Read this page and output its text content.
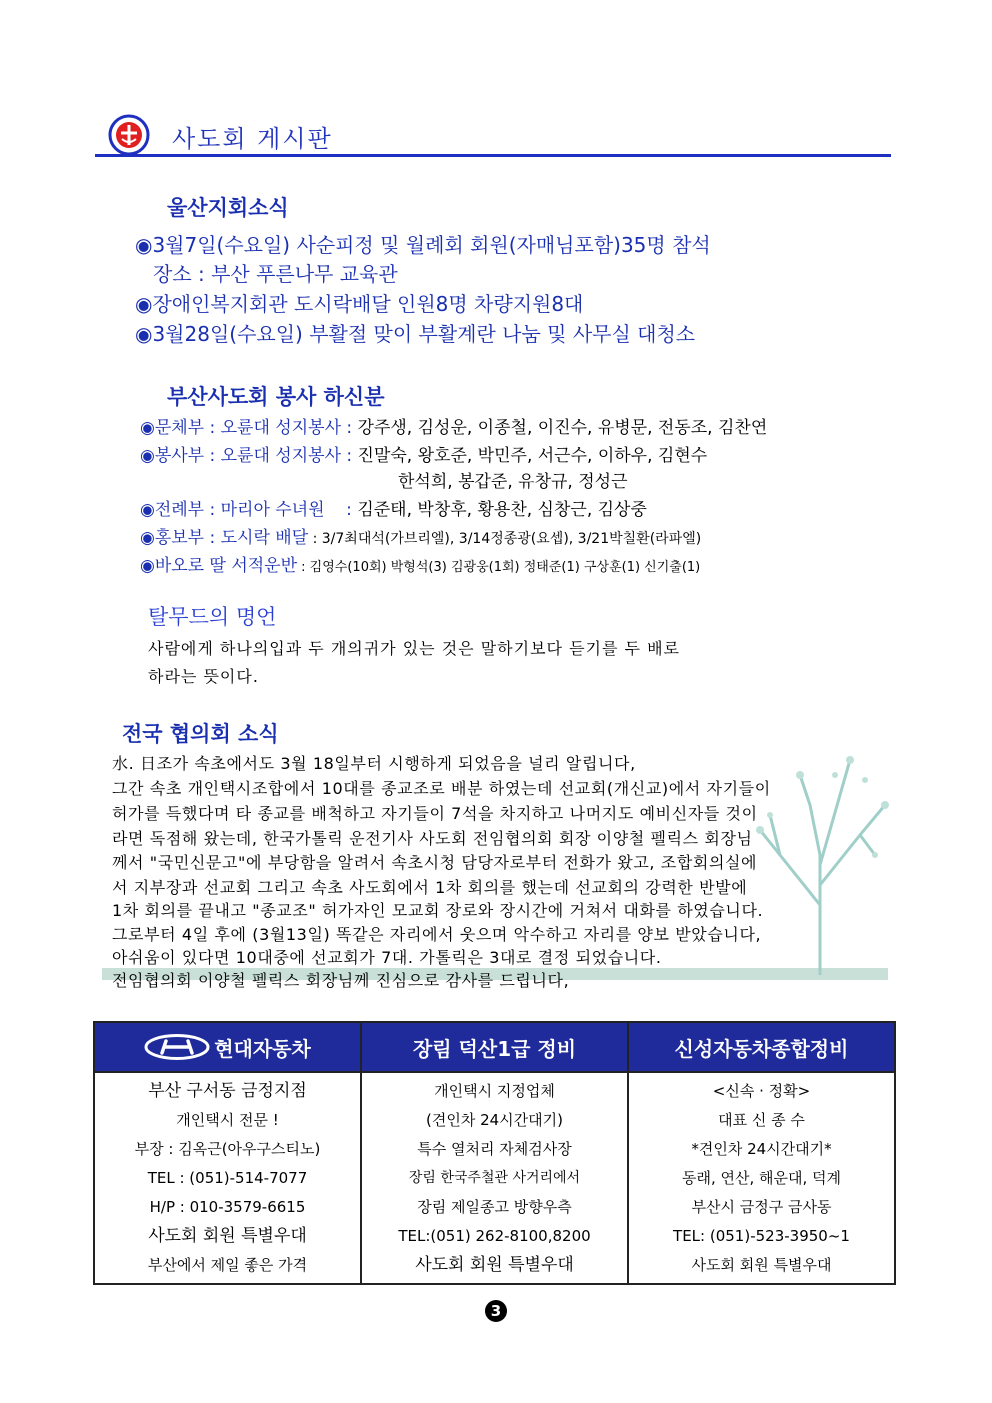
사도회 게시판
울산지회소식
◉3월7일(수요일) 사순피정 및 월례회 회원(자매님포함)35명 참석
장소 : 부산 푸른나무 교육관
◉장애인복지회관 도시락배달 인원8명 차량지원8대
◉3월28일(수요일) 부활절 맞이 부활계란 나눔 및 사무실 대청소
부산사도회 봉사 하신분
◉문체부 : 오륜대 성지봉사 : 강주생, 김성운, 이종철, 이진수, 유병문, 전동조, 김찬연
◉봉사부 : 오륜대 성지봉사 : 진말숙, 왕호준, 박민주, 서근수, 이하우, 김현수
한석희, 봉갑준, 유창규, 정성근
◉전례부 : 마리아 수녀원    : 김준태, 박창후, 황용찬, 심창근, 김상중
◉홍보부 : 도시락 배달 : 3/7최대석(가브리엘), 3/14정종광(요셉), 3/21박칠환(라파엘)
◉바오로 딸 서적운반 : 김영수(10회) 박형석(3) 김광웅(1회) 정태준(1) 구상훈(1) 신기출(1)
탈무드의 명언
사람에게 하나의입과 두 개의귀가 있는 것은 말하기보다 듣기를 두 배로
하라는 뜻이다.
전국 협의회 소식
水. 日조가 속초에서도 3월 18일부터 시행하게 되었음을 널리 알립니다,
그간 속초 개인택시조합에서 10대를 종교조로 배분 하였는데 선교회(개신교)에서 자기들이
허가를 득했다며 타 종교를 배척하고 자기들이 7석을 차지하고 나머지도 예비신자들 것이
라면 독점해 왔는데, 한국가톨릭 운전기사 사도회 전임협의회 회장 이양철 펠릭스 회장님
께서 "국민신문고"에 부당함을 알려서 속초시청 담당자로부터 전화가 왔고, 조합회의실에
서 지부장과 선교회 그리고 속초 사도회에서 1차 회의를 했는데 선교회의 강력한 반발에
1차 회의를 끝내고 "종교조" 허가자인 모교회 장로와 장시간에 거쳐서 대화를 하였습니다.
그로부터 4일 후에 (3월13일) 똑같은 자리에서 웃으며 악수하고 자리를 양보 받았습니다,
아쉬움이 있다면 10대중에 선교회가 7대. 가톨릭은 3대로 결정 되었습니다.
전임협의회 이양철 펠릭스 회장님께 진심으로 감사를 드립니다,
현대자동차
부산 구서동 금정지점
개인택시 전문 !
부장 : 김옥근(아우구스티노)
TEL : (051)-514-7077
H/P : 010-3579-6615
사도회 회원 특별우대
부산에서 제일 좋은 가격
장림 덕산1급 정비
개인택시 지정업체
(견인차 24시간대기)
특수 열처리 자체검사장
장림 한국주철관 사거리에서
장림 제일종고 방향우측
TEL:(051) 262-8100,8200
사도회 회원 특별우대
신성자동차종합정비
<신속 · 정확>
대표 신 종 수
*견인차 24시간대기*
동래, 연산, 해운대, 덕계
부산시 금정구 금사동
TEL: (051)-523-3950~1
사도회 회원 특별우대
3
